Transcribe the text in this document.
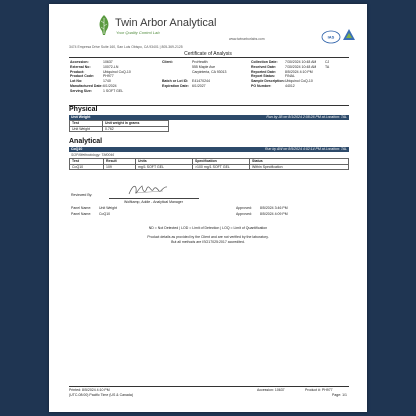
Twin Arbor Analytical
Your Quality Control Lab
www.twinarborlabs.com
3474 Empresa Drive Suite 160, San Luis Obispo, CA 93401 | 805-369-2125
IAS
Certificate of Analysis
Accession:	10637
External No:	10072-LN
Product:	Ubiquinol CoQ-10
Product Code:	PH977
Lot No:	1740
Manufactured Date: 6/1/2024
Serving Size:	1 SOFT GEL
Client:	ProHealth
555 Maple Ave
Carpinteria, CA 93013
Batch or Lot ID:	E41470244
Expiration Date: 6/1/2027
Collection Date:	7/30/2024 10:48 AM	CJ
Received Date:	7/30/2024 10:48 AM	TA
Reported Date:	8/5/2024 4:10 PM
Report Status:	FINAL
Sample Description: Ubiquinol CoQ-10
PO Number:	44012
Physical
Unit Weight	Run by JB on 8/1/2024 2:08:26 PM at Location: TAL
Test	Unit weight in grams
Unit Weight	0.762
Analytical
CoQ10	Run by AW on 8/5/2024 4:02:14 PM at Location: TAL
SOP/Methodology: TM0046
Test	Result	Units	Specification	Status
CoQ10	109	mg/1 SOFT GEL	>100 mg/1 SOFT GEL	Within Specification
Reviewed By:
Wolfkamp, Addie - Analytical Manager
Panel Name: Unit Weight	Approved: 8/5/2024 3:46 PM
Panel Name: CoQ10	Approved: 8/5/2024 4:09 PM
ND = Not Detected | LOD = Limit of Detection | LOQ = Limit of Quantification
Product details as provided by the Client and are not verified by the laboratory.
But all methods are ISO17025:2017 accredited.
Printed: 8/5/2024 4:10 PM
(UTC-08:00) Pacific Time (US & Canada)
Accession: 10637	Product #: PH977
Page: 1/1
